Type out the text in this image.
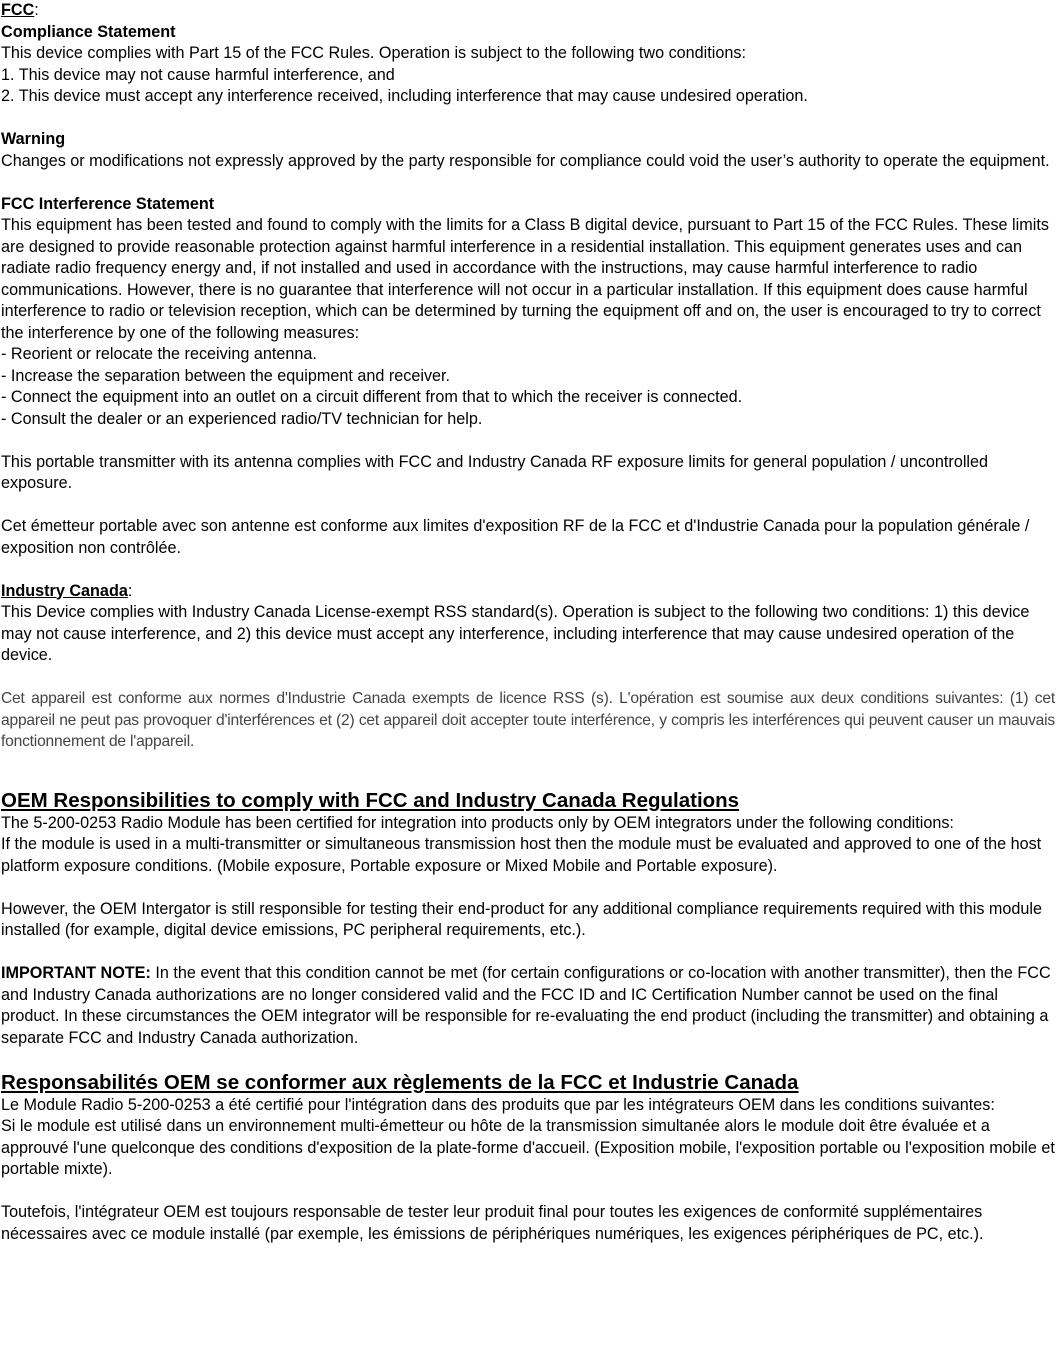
FCC:

Compliance Statement

This device complies with Part 15 of the FCC Rules. Operation is subject to the following two conditions:

1. This device may not cause harmful interference, and

2. This device must accept any interference received, including interference that may cause undesired operation.

Warning

Changes or modifications not expressly approved by the party responsible for compliance could void the user’s authority to operate the equipment.

FCC Interference Statement

This equipment has been tested and found to comply with the limits for a Class B digital device, pursuant to Part 15 of the FCC Rules. These limits are designed to provide reasonable protection against harmful interference in a residential installation. This equipment generates uses and can radiate radio frequency energy and, if not installed and used in accordance with the instructions, may cause harmful interference to radio communications. However, there is no guarantee that interference will not occur in a particular installation. If this equipment does cause harmful interference to radio or television reception, which can be determined by turning the equipment off and on, the user is encouraged to try to correct the interference by one of the following measures:

- Reorient or relocate the receiving antenna.

- Increase the separation between the equipment and receiver.

- Connect the equipment into an outlet on a circuit different from that to which the receiver is connected.

- Consult the dealer or an experienced radio/TV technician for help.

This portable transmitter with its antenna complies with FCC and Industry Canada RF exposure limits for general population / uncontrolled exposure.

Cet émetteur portable avec son antenne est conforme aux limites d'exposition RF de la FCC et d'Industrie Canada pour la population générale / exposition non contrôlée.

Industry Canada:

This Device complies with Industry Canada License-exempt RSS standard(s). Operation is subject to the following two conditions: 1) this device may not cause interference, and 2) this device must accept any interference, including interference that may cause undesired operation of the device.

Cet appareil est conforme aux normes d'Industrie Canada exempts de licence RSS (s). L'opération est soumise aux deux conditions suivantes: (1) cet appareil ne peut pas provoquer d'interférences et (2) cet appareil doit accepter toute interférence, y compris les interférences qui peuvent causer un mauvais fonctionnement de l'appareil.

OEM Responsibilities to comply with FCC and Industry Canada Regulations

The 5-200-0253 Radio Module has been certified for integration into products only by OEM integrators under the following conditions:

If the module is used in a multi-transmitter or simultaneous transmission host then the module must be evaluated and approved to one of the host platform exposure conditions. (Mobile exposure, Portable exposure or Mixed Mobile and Portable exposure).

However, the OEM Intergator is still responsible for testing their end-product for any additional compliance requirements required with this module installed (for example, digital device emissions, PC peripheral requirements, etc.).

IMPORTANT NOTE: In the event that this condition cannot be met (for certain configurations or co-location with another transmitter), then the FCC and Industry Canada authorizations are no longer considered valid and the FCC ID and IC Certification Number cannot be used on the final product. In these circumstances the OEM integrator will be responsible for re-evaluating the end product (including the transmitter) and obtaining a separate FCC and Industry Canada authorization.

Responsabilités OEM se conformer aux règlements de la FCC et Industrie Canada

Le Module Radio 5-200-0253 a été certifié pour l'intégration dans des produits que par les intégrateurs OEM dans les conditions suivantes:

Si le module est utilisé dans un environnement multi-émetteur ou hôte de la transmission simultanée alors le module doit être évaluée et a approuvé l'une quelconque des conditions d'exposition de la plate-forme d'accueil. (Exposition mobile, l'exposition portable ou l'exposition mobile et portable mixte).

Toutefois, l'intégrateur OEM est toujours responsable de tester leur produit final pour toutes les exigences de conformité supplémentaires nécessaires avec ce module installé (par exemple, les émissions de périphériques numériques, les exigences périphériques de PC, etc.).
